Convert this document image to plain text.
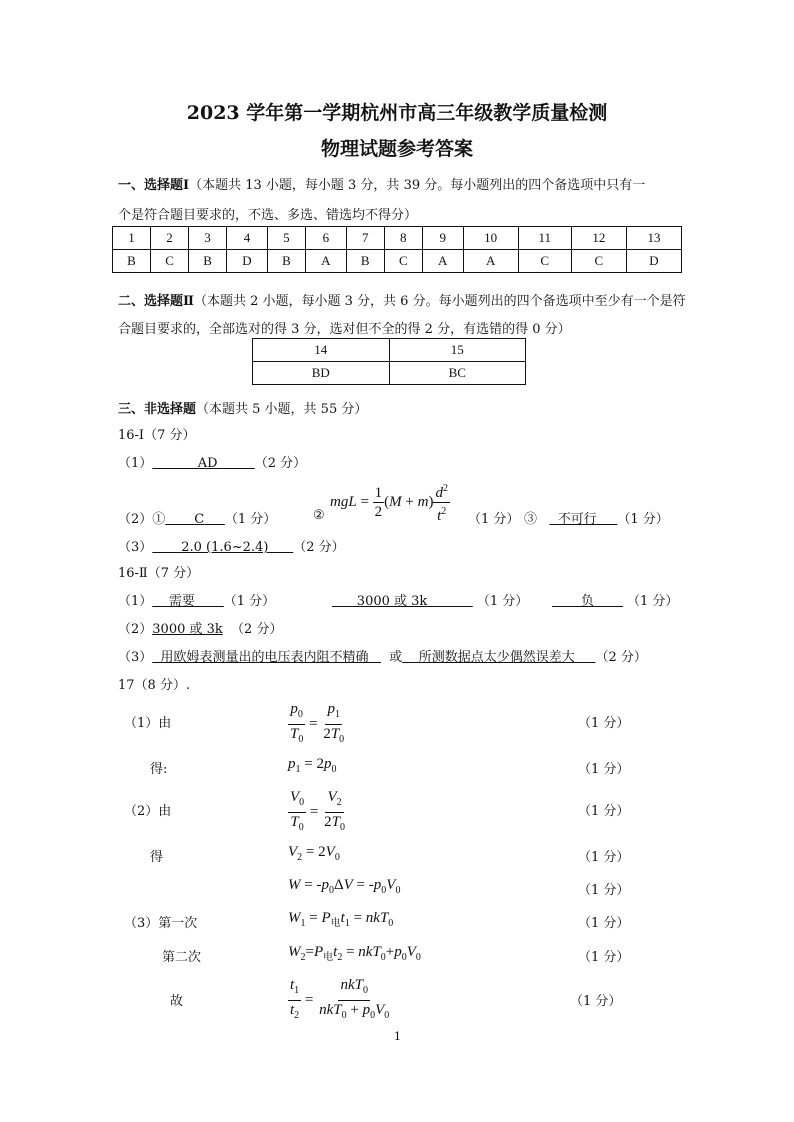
2023 学年第一学期杭州市高三年级教学质量检测
物理试题参考答案
一、选择题Ⅰ（本题共 13 小题，每小题 3 分，共 39 分。每小题列出的四个备选项中只有一
个是符合题目要求的，不选、多选、错选均不得分）
1	2	3	4	5	6	7	8	9	10	11	12	13
B	C	B	D	B	A	B	C	A	A	C	C	D
二、选择题Ⅱ（本题共 2 小题，每小题 3 分，共 6 分。每小题列出的四个备选项中至少有一个是符
合题目要求的，全部选对的得 3 分，选对但不全的得 2 分，有选错的得 0 分）
14	15
BD	BC
三、非选择题（本题共 5 小题，共 55 分）
16-Ⅰ（7 分）
（1）	AD	（2 分）
（2）① C （1 分）	②
mgL = $\frac{1}{2} (M + m) \frac{d^2}{t^2} (1$ 分） ③ 不可行 （1 分）
（3） 2.0 (1.6~2.4) （2 分）
16-Ⅱ（7 分）
（1） 需要 （1 分）	3000 或 3k	（1 分）	负	（1 分）
（2）3000 或 3k （2 分）
（3） 用欧姆表测量出的电压表内阻不精确 或 所测数据点太少偶然误差大 （2 分）
17（8 分）.
（1）由	$\frac{p_0}{T_0} = \frac{p_1}{2T_0}$	（1 分）
得:	$p_1 = 2p_0$	（1 分）
（2）由	$\frac{V_0}{T_0} = \frac{V_2}{2T_0}$	（1 分）
得	$V_2 = 2V_0$	（1 分）
$W = -p_0\Delta V = -p_0V_0$	（1 分）
（3）第一次	$W_1 = P_电t_1 = nkT_0$	（1 分）
第二次	$W_2=P_电t_2 = nkT_0+p_0V_0$	（1 分）
故	$\frac{t_1}{t_2} = \frac{nkT_0}{nkT_0 + p_0V_0}$	（1 分）
1
